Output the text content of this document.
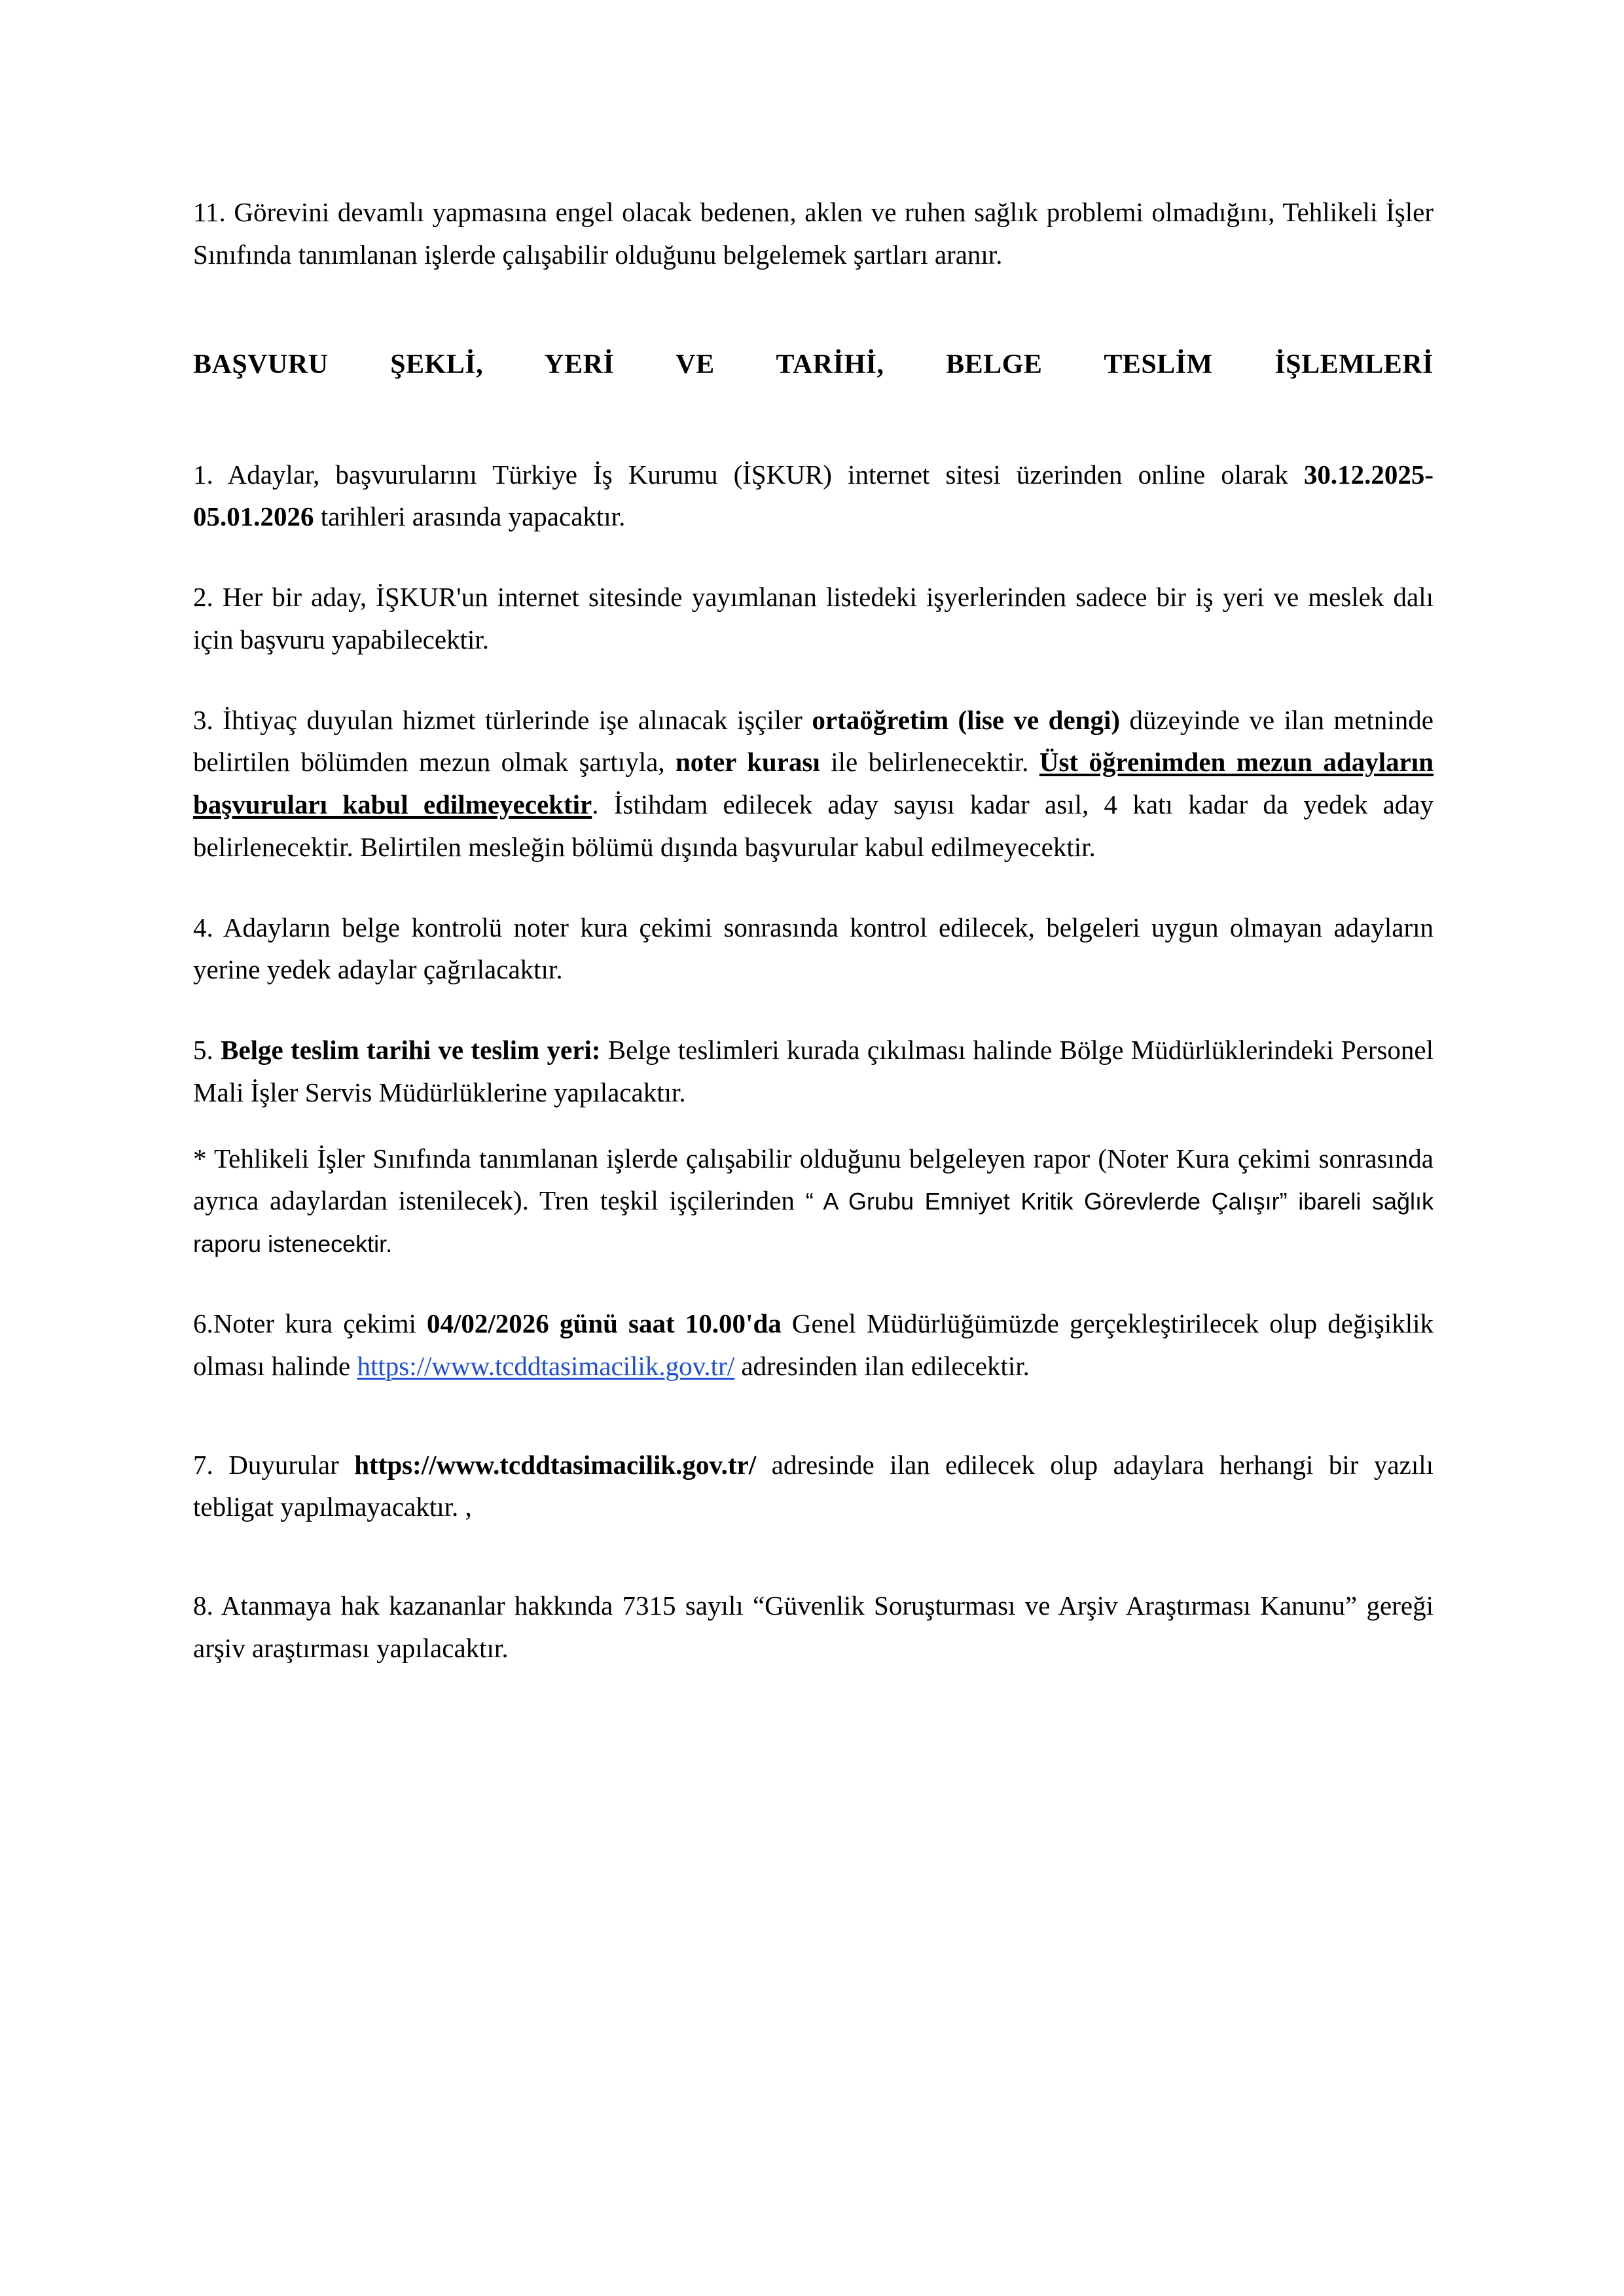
11. Görevini devamlı yapmasına engel olacak bedenen, aklen ve ruhen sağlık problemi olmadığını, Tehlikeli İşler Sınıfında tanımlanan işlerde çalışabilir olduğunu belgelemek şartları aranır.

BAŞVURU ŞEKLİ, YERİ VE TARİHİ, BELGE TESLİM İŞLEMLERİ

1. Adaylar, başvurularını Türkiye İş Kurumu (İŞKUR) internet sitesi üzerinden online olarak 30.12.2025-05.01.2026 tarihleri arasında yapacaktır.

2. Her bir aday, İŞKUR'un internet sitesinde yayımlanan listedeki işyerlerinden sadece bir iş yeri ve meslek dalı için başvuru yapabilecektir.

3. İhtiyaç duyulan hizmet türlerinde işe alınacak işçiler ortaöğretim (lise ve dengi) düzeyinde ve ilan metninde belirtilen bölümden mezun olmak şartıyla, noter kurası ile belirlenecektir. Üst öğrenimden mezun adayların başvuruları kabul edilmeyecektir. İstihdam edilecek aday sayısı kadar asıl, 4 katı kadar da yedek aday belirlenecektir. Belirtilen mesleğin bölümü dışında başvurular kabul edilmeyecektir.

4. Adayların belge kontrolü noter kura çekimi sonrasında kontrol edilecek, belgeleri uygun olmayan adayların yerine yedek adaylar çağrılacaktır.

5. Belge teslim tarihi ve teslim yeri: Belge teslimleri kurada çıkılması halinde Bölge Müdürlüklerindeki Personel Mali İşler Servis Müdürlüklerine yapılacaktır.

* Tehlikeli İşler Sınıfında tanımlanan işlerde çalışabilir olduğunu belgeleyen rapor (Noter Kura çekimi sonrasında ayrıca adaylardan istenilecek). Tren teşkil işçilerinden “ A Grubu Emniyet Kritik Görevlerde Çalışır” ibareli sağlık raporu istenecektir.

6.Noter kura çekimi 04/02/2026 günü saat 10.00'da Genel Müdürlüğümüzde gerçekleştirilecek olup değişiklik olması halinde https://www.tcddtasimacilik.gov.tr/ adresinden ilan edilecektir.

7. Duyurular https://www.tcddtasimacilik.gov.tr/ adresinde ilan edilecek olup adaylara herhangi bir yazılı tebligat yapılmayacaktır. ,

8. Atanmaya hak kazananlar hakkında 7315 sayılı “Güvenlik Soruşturması ve Arşiv Araştırması Kanunu” gereği arşiv araştırması yapılacaktır.
